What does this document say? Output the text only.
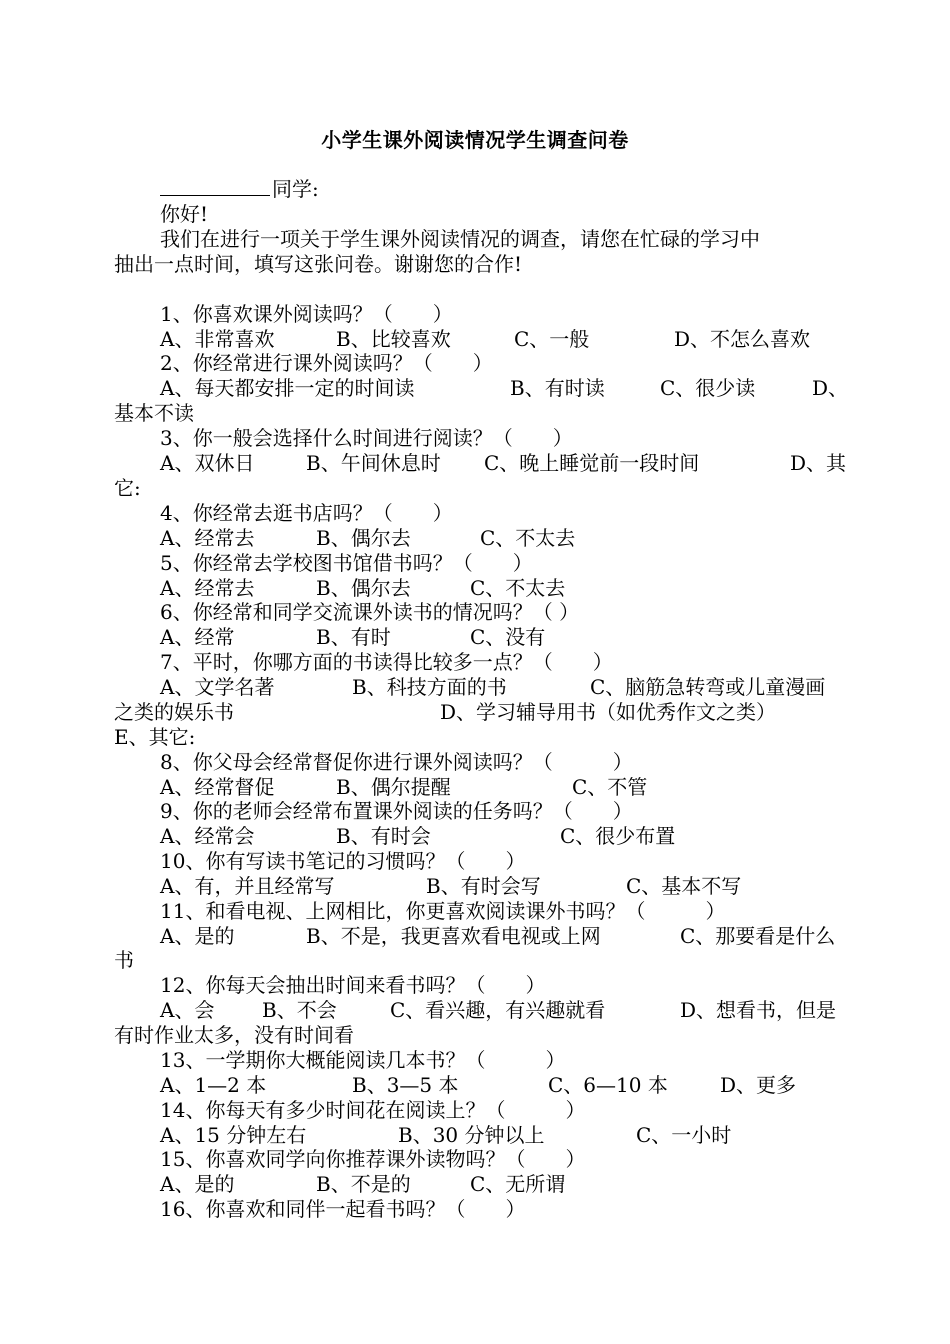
小学生课外阅读情况学生调查问卷
同学:
你好!
我们在进行一项关于学生课外阅读情况的调查，请您在忙碌的学习中
抽出一点时间，填写这张问卷。谢谢您的合作!
1、你喜欢课外阅读吗？（　　）
A、非常喜欢	B、比较喜欢	C、一般	D、不怎么喜欢
2、你经常进行课外阅读吗？（　　）
A、每天都安排一定的时间读	B、有时读	C、很少读	D、
基本不读
3、你一般会选择什么时间进行阅读？（　　）
A、双休日	B、午间休息时 C、晚上睡觉前一段时间	D、其
它:
4、你经常去逛书店吗？（　　）
A、经常去	B、偶尔去	C、不太去
5、你经常去学校图书馆借书吗？（　　）
A、经常去	B、偶尔去	C、不太去
6、你经常和同学交流课外读书的情况吗？（ ）
A、经常	B、有时	C、没有
7、平时，你哪方面的书读得比较多一点？（　　）
A、文学名著	B、科技方面的书	C、脑筋急转弯或儿童漫画
之类的娱乐书	D、学习辅导用书（如优秀作文之类）
E、其它:
8、你父母会经常督促你进行课外阅读吗？（　　　）
A、经常督促	B、偶尔提醒	C、不管
9、你的老师会经常布置课外阅读的任务吗？（　　）
A、经常会	B、有时会	C、很少布置
10、你有写读书笔记的习惯吗？（　　）
A、有，并且经常写	B、有时会写	C、基本不写
11、和看电视、上网相比，你更喜欢阅读课外书吗？（　　　）
A、是的	B、不是，我更喜欢看电视或上网	C、那要看是什么
书
12、你每天会抽出时间来看书吗？（　　）
A、会 B、不会	C、看兴趣，有兴趣就看	D、想看书，但是
有时作业太多，没有时间看
13、一学期你大概能阅读几本书？（　　　）
A、1—2 本	B、3—5 本	C、6—10 本	D、更多
14、你每天有多少时间花在阅读上？（　　　）
A、15 分钟左右	B、30 分钟以上	C、一小时
15、你喜欢同学向你推荐课外读物吗？（　　）
A、是的	B、不是的	C、无所谓
16、你喜欢和同伴一起看书吗？（　　）
